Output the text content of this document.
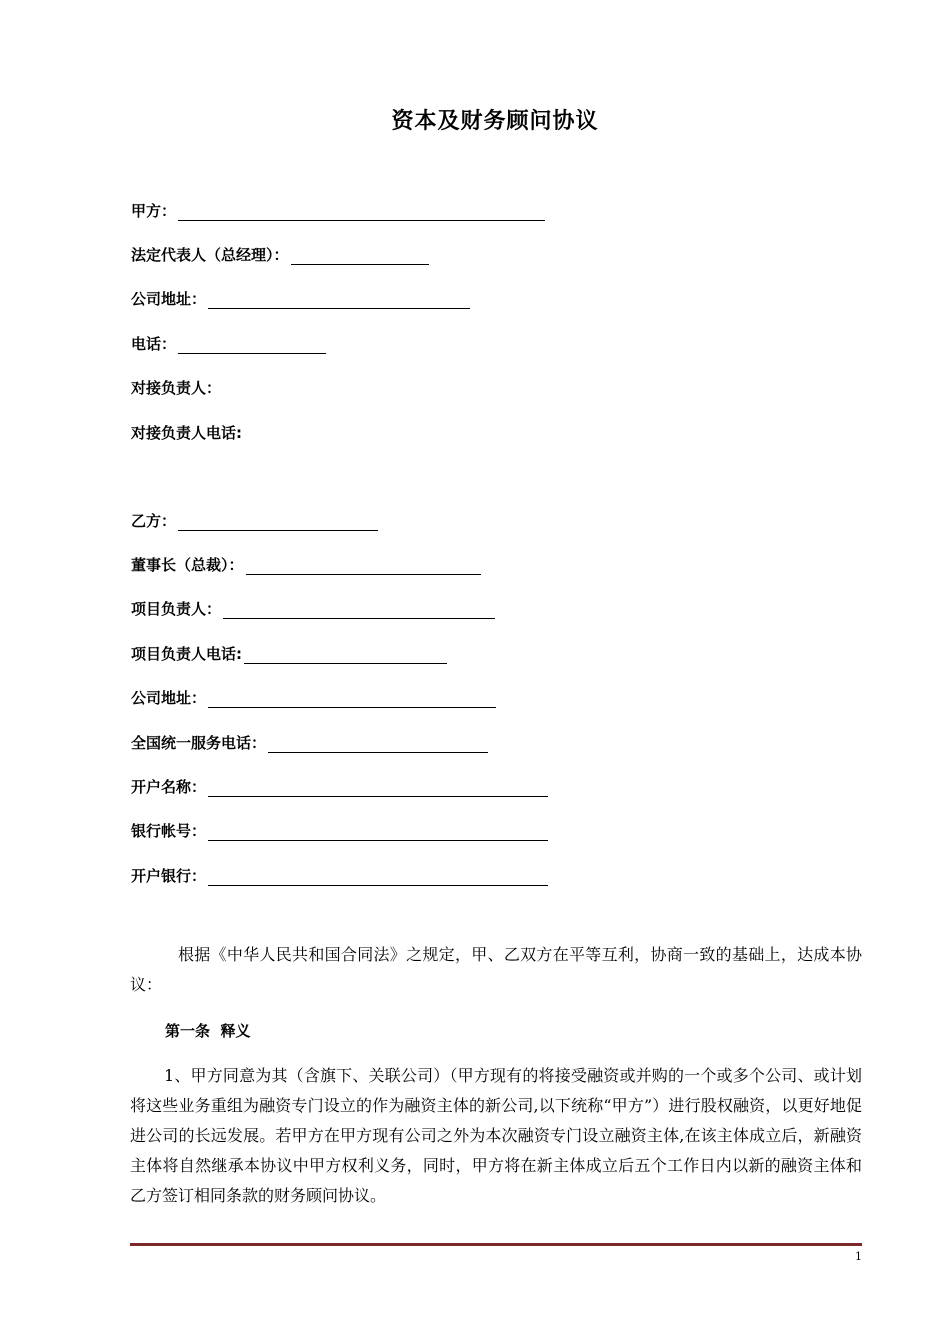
资本及财务顾问协议
甲 方：
法定代表人（总经理）：
公司地址：
电 话：
对接负责人：
对接负责人电话:
乙 方：
董事长（总裁）：
项目负责人：
项目负责人电话:
公司地址：
全国统一服务电话：
开户名称：
银行帐号：
开户银行：
根据《中华人民共和国合同法》之规定，甲、乙双方在平等互利，协商一致的基础上，达成本协议：
第一条  释义
1、甲方同意为其（含旗下、关联公司）（甲方现有的将接受融资或并购的一个或多个公司、或计划将这些业务重组为融资专门设立的作为融资主体的新公司,以下统称“甲方”）进行股权融资，以更好地促进公司的长远发展。若甲方在甲方现有公司之外为本次融资专门设立融资主体,在该主体成立后，新融资主体将自然继承本协议中甲方权利义务，同时，甲方将在新主体成立后五个工作日内以新的融资主体和乙方签订相同条款的财务顾问协议。
1
